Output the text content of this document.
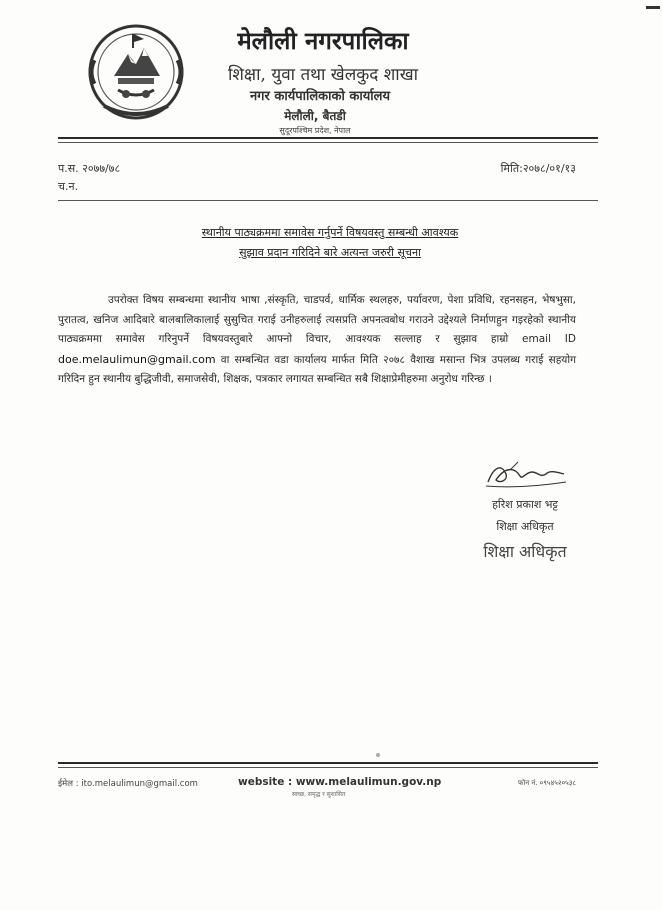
मेलौली नगरपालिका
शिक्षा, युवा तथा खेलकुद शाखा
नगर कार्यपालिकाको कार्यालय
मेलौली, बैतडी
सुदूरपश्चिम प्रदेश, नेपाल
प.स. २०७७/७८
च.न.
मिति:२०७८/०१/१३
स्थानीय पाठ्यक्रममा समावेस गर्नुपर्ने विषयवस्तु सम्बन्धी आवश्यक
सुझाव प्रदान गरिदिने बारे अत्यन्त जरुरी सूचना
उपरोक्त विषय सम्बन्धमा स्थानीय भाषा ,संस्कृति, चाडपर्व, धार्मिक स्थलहरु, पर्यावरण, पेशा प्रविधि, रहनसहन, भेषभुसा, पुरातत्व, खनिज आदिबारे बालबालिकालाई सुसुचित गराई उनीहरुलाई त्यसप्रति अपनत्वबोध गराउने उद्देश्यले निर्माणहुन गइरहेको स्थानीय पाठ्यक्रममा समावेस गरिनुपर्ने विषयवस्तुबारे आफ्नो विचार, आवश्यक सल्लाह र सुझाव हाम्रो email ID doe.melaulimun@gmail.com वा सम्बन्धित वडा कार्यालय मार्फत मिति २०७८ वैशाख मसान्त भित्र उपलब्ध गराई सहयोग गरिदिन हुन स्थानीय बुद्धिजीवी, समाजसेवी, शिक्षक, पत्रकार लगायत सम्बन्धित सबै शिक्षाप्रेमीहरुमा अनुरोध गरिन्छ ।
हरिश प्रकाश भट्ट
शिक्षा अधिकृत
शिक्षा अधिकृत
ईमेल : ito.melaulimun@gmail.com	website : www.melaulimun.gov.np	फोन नं. ०९५४५२०५३८
स्वच्छ, समृद्ध र सुशासित
